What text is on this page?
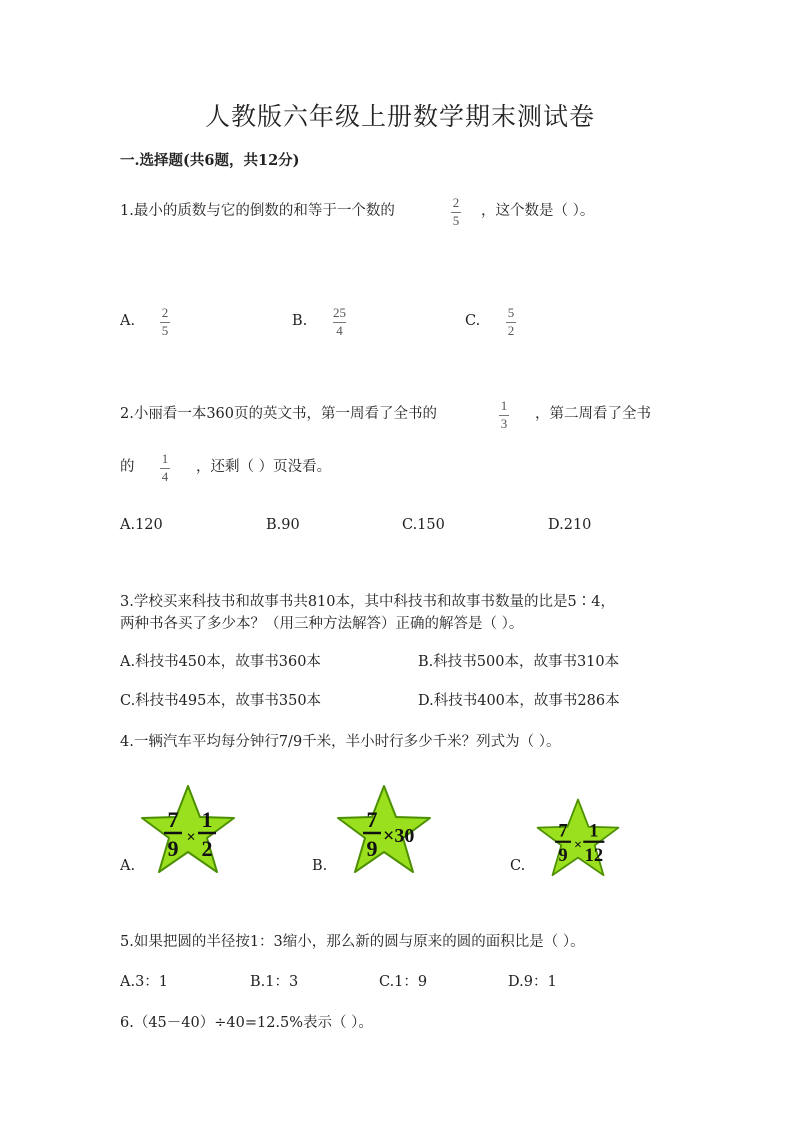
人教版六年级上册数学期末测试卷
一.选择题(共6题，共12分)
1.最小的质数与它的倒数的和等于一个数的
2
5
，这个数是（ ）。
A.
2
5
B.
25
4
C.
5
2
2.小丽看一本360页的英文书，第一周看了全书的
1
3
，第二周看了全书
的
1
4
，还剩（ ）页没看。
A.120	B.90	C.150	D.210
3.学校买来科技书和故事书共810本，其中科技书和故事书数量的比是5∶4，
两种书各买了多少本？（用三种方法解答）正确的解答是（ ）。
A.科技书450本，故事书360本	B.科技书500本，故事书310本
C.科技书495本，故事书350本	D.科技书400本，故事书286本
4.一辆汽车平均每分钟行7/9千米，半小时行多少千米？列式为（ ）。
A.	B.	C.
7
9 ×
1
2
7
9 ×30	7
9
×
1
12
5.如果把圆的半径按1：3缩小，那么新的圆与原来的圆的面积比是（ ）。
A.3：1	B.1：3	C.1：9	D.9：1
6.（45－40）÷40=12.5%表示（ ）。
